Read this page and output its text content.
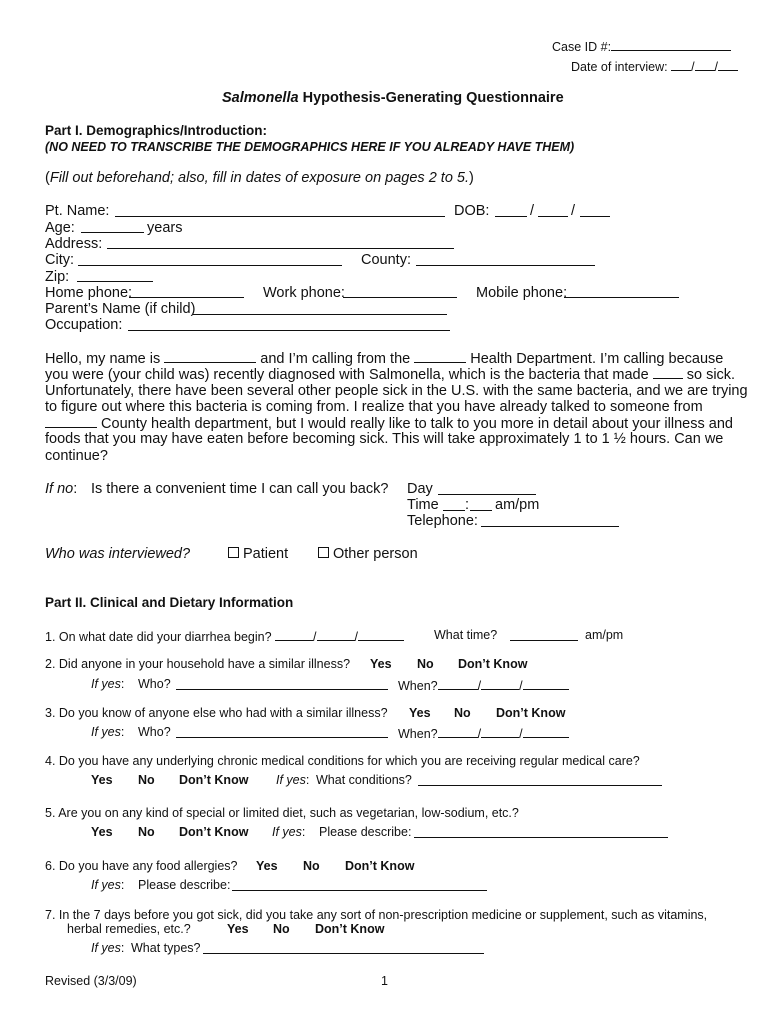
Case ID #:
Date of interview: / /
Salmonella Hypothesis-Generating Questionnaire
Part I. Demographics/Introduction:
(NO NEED TO TRANSCRIBE THE DEMOGRAPHICS HERE IF YOU ALREADY HAVE THEM)
(Fill out beforehand; also, fill in dates of exposure on pages 2 to 5.)
Pt. Name:	DOB:	/	/
Age:	years
Address:
City:	County:
Zip:
Home phone:	Work phone:	Mobile phone:
Parent’s Name (if child)
Occupation:
Hello, my name is	and I’m calling from the	Health Department. I’m calling because
you were (your child was) recently diagnosed with Salmonella, which is the bacteria that made	so sick.
Unfortunately, there have been several other people sick in the U.S. with the same bacteria, and we are trying
to figure out where this bacteria is coming from. I realize that you have already talked to someone from
County health department, but I would really like to talk to you more in detail about your illness and
foods that you may have eaten before becoming sick. This will take approximately 1 to 1 ½ hours. Can we
continue?
If no: Is there a convenient time I can call you back? Day
Time : am/pm
Telephone:
Who was interviewed?	Patient	Other person
Part II. Clinical and Dietary Information
1. On what date did your diarrhea begin?	/	/	What time?	am/pm
2. Did anyone in your household have a similar illness? Yes No Don’t Know
If yes: Who?	When?	/	/
3. Do you know of anyone else who had with a similar illness? Yes No Don’t Know
If yes: Who?	When?	/	/
4. Do you have any underlying chronic medical conditions for which you are receiving regular medical care?
Yes No Don’t Know If yes: What conditions?
5. Are you on any kind of special or limited diet, such as vegetarian, low-sodium, etc.?
Yes No Don’t Know If yes: Please describe:
6. Do you have any food allergies? Yes No Don’t Know
If yes: Please describe:
7. In the 7 days before you got sick, did you take any sort of non-prescription medicine or supplement, such as vitamins,
herbal remedies, etc.?	Yes No Don’t Know
If yes: What types?
Revised (3/3/09)	1
